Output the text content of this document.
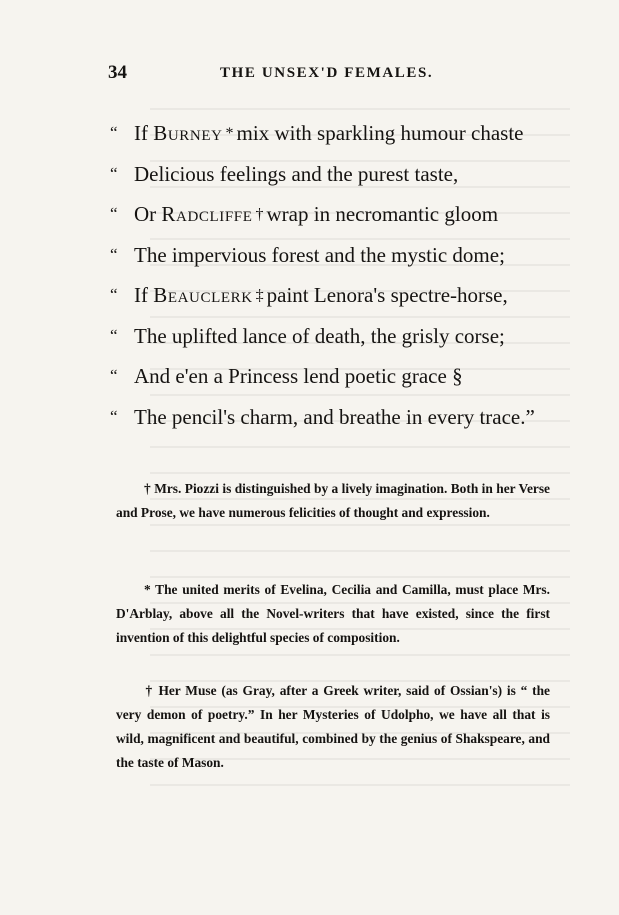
34	THE UNSEX'D FEMALES.
“ If Burney * mix with sparkling humour chaste
“ Delicious feelings and the purest taste,
“ Or Radcliffe † wrap in necromantic gloom
“ The impervious forest and the mystic dome;
“ If Beauclerk ‡ paint Lenora's spectre-horse,
“ The uplifted lance of death, the grisly corse;
“ And e'en a Princess lend poetic grace §
“ The pencil's charm, and breathe in every trace.”
† Mrs. Piozzi is distinguished by a lively imagination. Both in her Verse and Prose, we have numerous felicities of thought and expression.
* The united merits of Evelina, Cecilia and Camilla, must place Mrs. D'Arblay, above all the Novel-writers that have existed, since the first invention of this delightful species of composition.
† Her Muse (as Gray, after a Greek writer, said of Ossian's) is “ the very demon of poetry.” In her Mysteries of Udolpho, we have all that is wild, magnificent and beautiful, combined by the genius of Shakspeare, and the taste of Mason.
